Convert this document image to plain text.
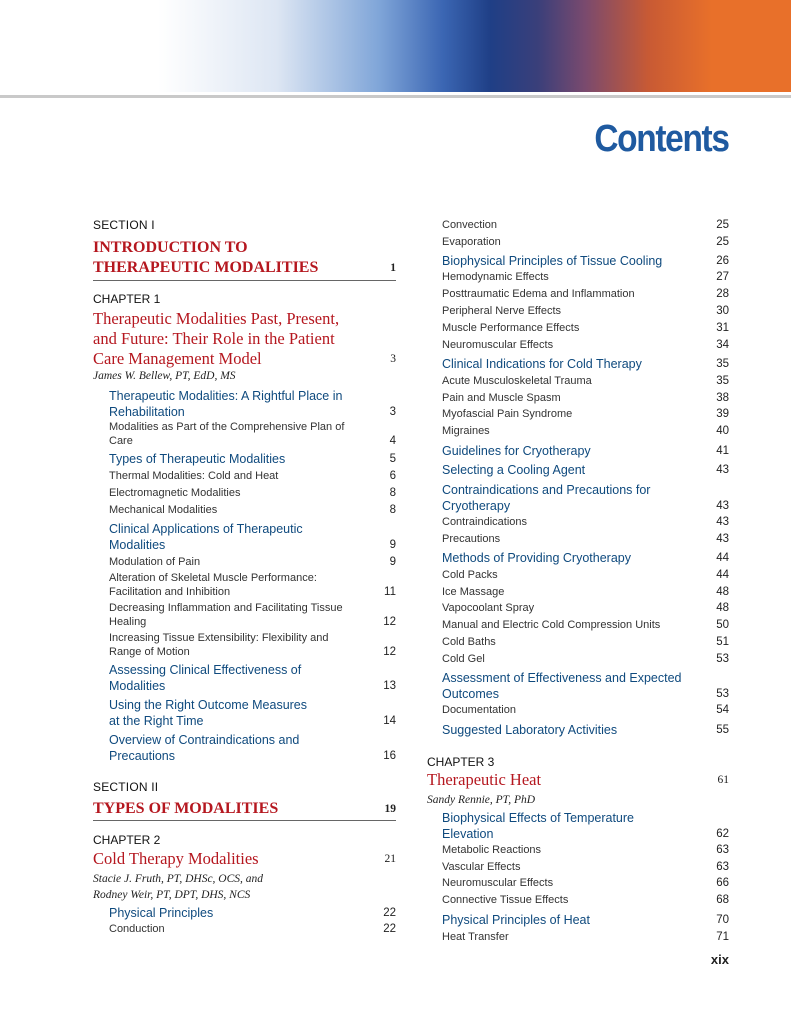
Contents
SECTION I
INTRODUCTION TO
THERAPEUTIC MODALITIES	1
CHAPTER 1
Therapeutic Modalities Past, Present,
and Future: Their Role in the Patient
Care Management Model	3
James W. Bellew, PT, EdD, MS
Therapeutic Modalities: A Rightful Place in
Rehabilitation	3
Modalities as Part of the Comprehensive Plan of
Care	4
Types of Therapeutic Modalities	5
Thermal Modalities: Cold and Heat	6
Electromagnetic Modalities	8
Mechanical Modalities	8
Clinical Applications of Therapeutic
Modalities	9
Modulation of Pain	9
Alteration of Skeletal Muscle Performance:
Facilitation and Inhibition	11
Decreasing Inflammation and Facilitating Tissue
Healing	12
Increasing Tissue Extensibility: Flexibility and
Range of Motion	12
Assessing Clinical Effectiveness of
Modalities	13
Using the Right Outcome Measures
at the Right Time	14
Overview of Contraindications and
Precautions	16
SECTION II
TYPES OF MODALITIES	19
CHAPTER 2
Cold Therapy Modalities	21
Stacie J. Fruth, PT, DHSc, OCS, and
Rodney Weir, PT, DPT, DHS, NCS
Physical Principles	22
Conduction	22
Convection	25
Evaporation	25
Biophysical Principles of Tissue Cooling	26
Hemodynamic Effects	27
Posttraumatic Edema and Inflammation	28
Peripheral Nerve Effects	30
Muscle Performance Effects	31
Neuromuscular Effects	34
Clinical Indications for Cold Therapy	35
Acute Musculoskeletal Trauma	35
Pain and Muscle Spasm	38
Myofascial Pain Syndrome	39
Migraines	40
Guidelines for Cryotherapy	41
Selecting a Cooling Agent	43
Contraindications and Precautions for
Cryotherapy	43
Contraindications	43
Precautions	43
Methods of Providing Cryotherapy	44
Cold Packs	44
Ice Massage	48
Vapocoolant Spray	48
Manual and Electric Cold Compression Units	50
Cold Baths	51
Cold Gel	53
Assessment of Effectiveness and Expected
Outcomes	53
Documentation	54
Suggested Laboratory Activities	55
CHAPTER 3
Therapeutic Heat	61
Sandy Rennie, PT, PhD
Biophysical Effects of Temperature
Elevation	62
Metabolic Reactions	63
Vascular Effects	63
Neuromuscular Effects	66
Connective Tissue Effects	68
Physical Principles of Heat	70
Heat Transfer	71
xix
